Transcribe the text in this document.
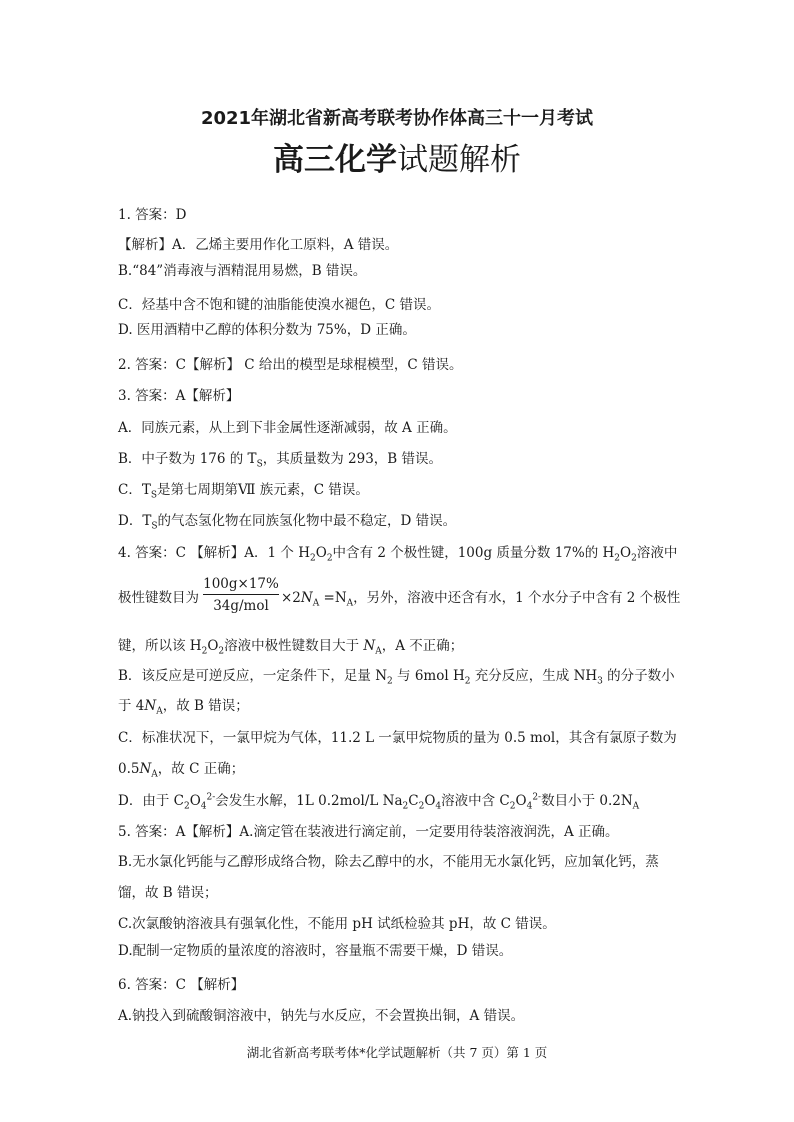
2021年湖北省新高考联考协作体高三十一月考试
高三化学试题解析
1. 答案：D
【解析】A．乙烯主要用作化工原料，A 错误。
B.“84”消毒液与酒精混用易燃，B 错误。
C．烃基中含不饱和键的油脂能使溴水褪色，C 错误。
D. 医用酒精中乙醇的体积分数为 75%，D 正确。
2. 答案：C【解析】 C 给出的模型是球棍模型，C 错误。
3. 答案：A【解析】
A．同族元素，从上到下非金属性逐渐减弱，故 A 正确。
B．中子数为 176 的 $T_S$，其质量数为 293，B 错误。
C．$T_S$是第七周期第Ⅶ 族元素，C 错误。
D．$T_S$的气态氢化物在同族氢化物中最不稳定，D 错误。
4. 答案：C 【解析】A．1 个 $H_2O_2$中含有 2 个极性键，100g 质量分数 17%的 $H_2O_2$溶液中
极性键数目为
100g×17%
$34g/mol \times 2N_A =N_A$，另外，溶液中还含有水，1 个水分子中含有 2 个极性
键，所以该 $H_2O_2$溶液中极性键数目大于 $N_A$，A 不正确；
B．该反应是可逆反应，一定条件下，足量 $N_2$ 与 6mol $H_2$ 充分反应，生成 $NH_3$ 的分子数小
于 $4N_A$，故 B 错误；
C．标准状况下，一氯甲烷为气体，11.2 L 一氯甲烷物质的量为 0.5 mol，其含有氯原子数为
$0.5N_A$，故 C 正确；
D．由于 $C_2O_4^{2-}$会发生水解，1L 0.2mol/L $Na_2C_2O_4$溶液中含 $C_2O_4^{2-}$数目小于 $0.2N_A$
5. 答案：A【解析】A.滴定管在装液进行滴定前，一定要用待装溶液润洗，A 正确。
B.无水氯化钙能与乙醇形成络合物，除去乙醇中的水，不能用无水氯化钙，应加氧化钙，蒸
馏，故 B 错误；
C.次氯酸钠溶液具有强氧化性，不能用 pH 试纸检验其 pH，故 C 错误。
D.配制一定物质的量浓度的溶液时，容量瓶不需要干燥，D 错误。
6. 答案：C 【解析】
A.钠投入到硫酸铜溶液中，钠先与水反应，不会置换出铜，A 错误。
湖北省新高考联考体*化学试题解析（共 7 页）第 1 页
